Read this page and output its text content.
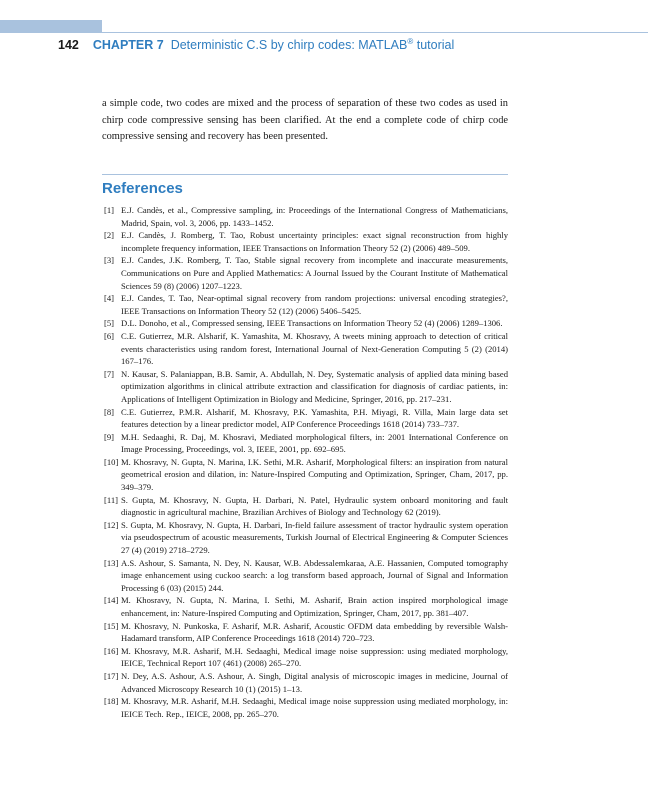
142 CHAPTER 7 Deterministic C.S by chirp codes: MATLAB® tutorial

a simple code, two codes are mixed and the process of separation of these two codes as used in chirp code compressive sensing has been clarified. At the end a complete code of chirp code compressive sensing and recovery has been presented.

References
[1] E.J. Candès, et al., Compressive sampling, in: Proceedings of the International Congress of Mathematicians, Madrid, Spain, vol. 3, 2006, pp. 1433–1452.
[2] E.J. Candès, J. Romberg, T. Tao, Robust uncertainty principles: exact signal reconstruction from highly incomplete frequency information, IEEE Transactions on Information Theory 52 (2) (2006) 489–509.
[3] E.J. Candes, J.K. Romberg, T. Tao, Stable signal recovery from incomplete and inaccurate measurements, Communications on Pure and Applied Mathematics: A Journal Issued by the Courant Institute of Mathematical Sciences 59 (8) (2006) 1207–1223.
[4] E.J. Candes, T. Tao, Near-optimal signal recovery from random projections: universal encoding strategies?, IEEE Transactions on Information Theory 52 (12) (2006) 5406–5425.
[5] D.L. Donoho, et al., Compressed sensing, IEEE Transactions on Information Theory 52 (4) (2006) 1289–1306.
[6] C.E. Gutierrez, M.R. Alsharif, K. Yamashita, M. Khosravy, A tweets mining approach to detection of critical events characteristics using random forest, International Journal of Next-Generation Computing 5 (2) (2014) 167–176.
[7] N. Kausar, S. Palaniappan, B.B. Samir, A. Abdullah, N. Dey, Systematic analysis of applied data mining based optimization algorithms in clinical attribute extraction and classification for diagnosis of cardiac patients, in: Applications of Intelligent Optimization in Biology and Medicine, Springer, 2016, pp. 217–231.
[8] C.E. Gutierrez, P.M.R. Alsharif, M. Khosravy, P.K. Yamashita, P.H. Miyagi, R. Villa, Main large data set features detection by a linear predictor model, AIP Conference Proceedings 1618 (2014) 733–737.
[9] M.H. Sedaaghi, R. Daj, M. Khosravi, Mediated morphological filters, in: 2001 International Conference on Image Processing, Proceedings, vol. 3, IEEE, 2001, pp. 692–695.
[10] M. Khosravy, N. Gupta, N. Marina, I.K. Sethi, M.R. Asharif, Morphological filters: an inspiration from natural geometrical erosion and dilation, in: Nature-Inspired Computing and Optimization, Springer, Cham, 2017, pp. 349–379.
[11] S. Gupta, M. Khosravy, N. Gupta, H. Darbari, N. Patel, Hydraulic system onboard monitoring and fault diagnostic in agricultural machine, Brazilian Archives of Biology and Technology 62 (2019).
[12] S. Gupta, M. Khosravy, N. Gupta, H. Darbari, In-field failure assessment of tractor hydraulic system operation via pseudospectrum of acoustic measurements, Turkish Journal of Electrical Engineering & Computer Sciences 27 (4) (2019) 2718–2729.
[13] A.S. Ashour, S. Samanta, N. Dey, N. Kausar, W.B. Abdessalemkaraa, A.E. Hassanien, Computed tomography image enhancement using cuckoo search: a log transform based approach, Journal of Signal and Information Processing 6 (03) (2015) 244.
[14] M. Khosravy, N. Gupta, N. Marina, I. Sethi, M. Asharif, Brain action inspired morphological image enhancement, in: Nature-Inspired Computing and Optimization, Springer, Cham, 2017, pp. 381–407.
[15] M. Khosravy, N. Punkoska, F. Asharif, M.R. Asharif, Acoustic OFDM data embedding by reversible Walsh-Hadamard transform, AIP Conference Proceedings 1618 (2014) 720–723.
[16] M. Khosravy, M.R. Asharif, M.H. Sedaaghi, Medical image noise suppression: using mediated morphology, IEICE, Technical Report 107 (461) (2008) 265–270.
[17] N. Dey, A.S. Ashour, A.S. Ashour, A. Singh, Digital analysis of microscopic images in medicine, Journal of Advanced Microscopy Research 10 (1) (2015) 1–13.
[18] M. Khosravy, M.R. Asharif, M.H. Sedaaghi, Medical image noise suppression using mediated morphology, in: IEICE Tech. Rep., IEICE, 2008, pp. 265–270.
